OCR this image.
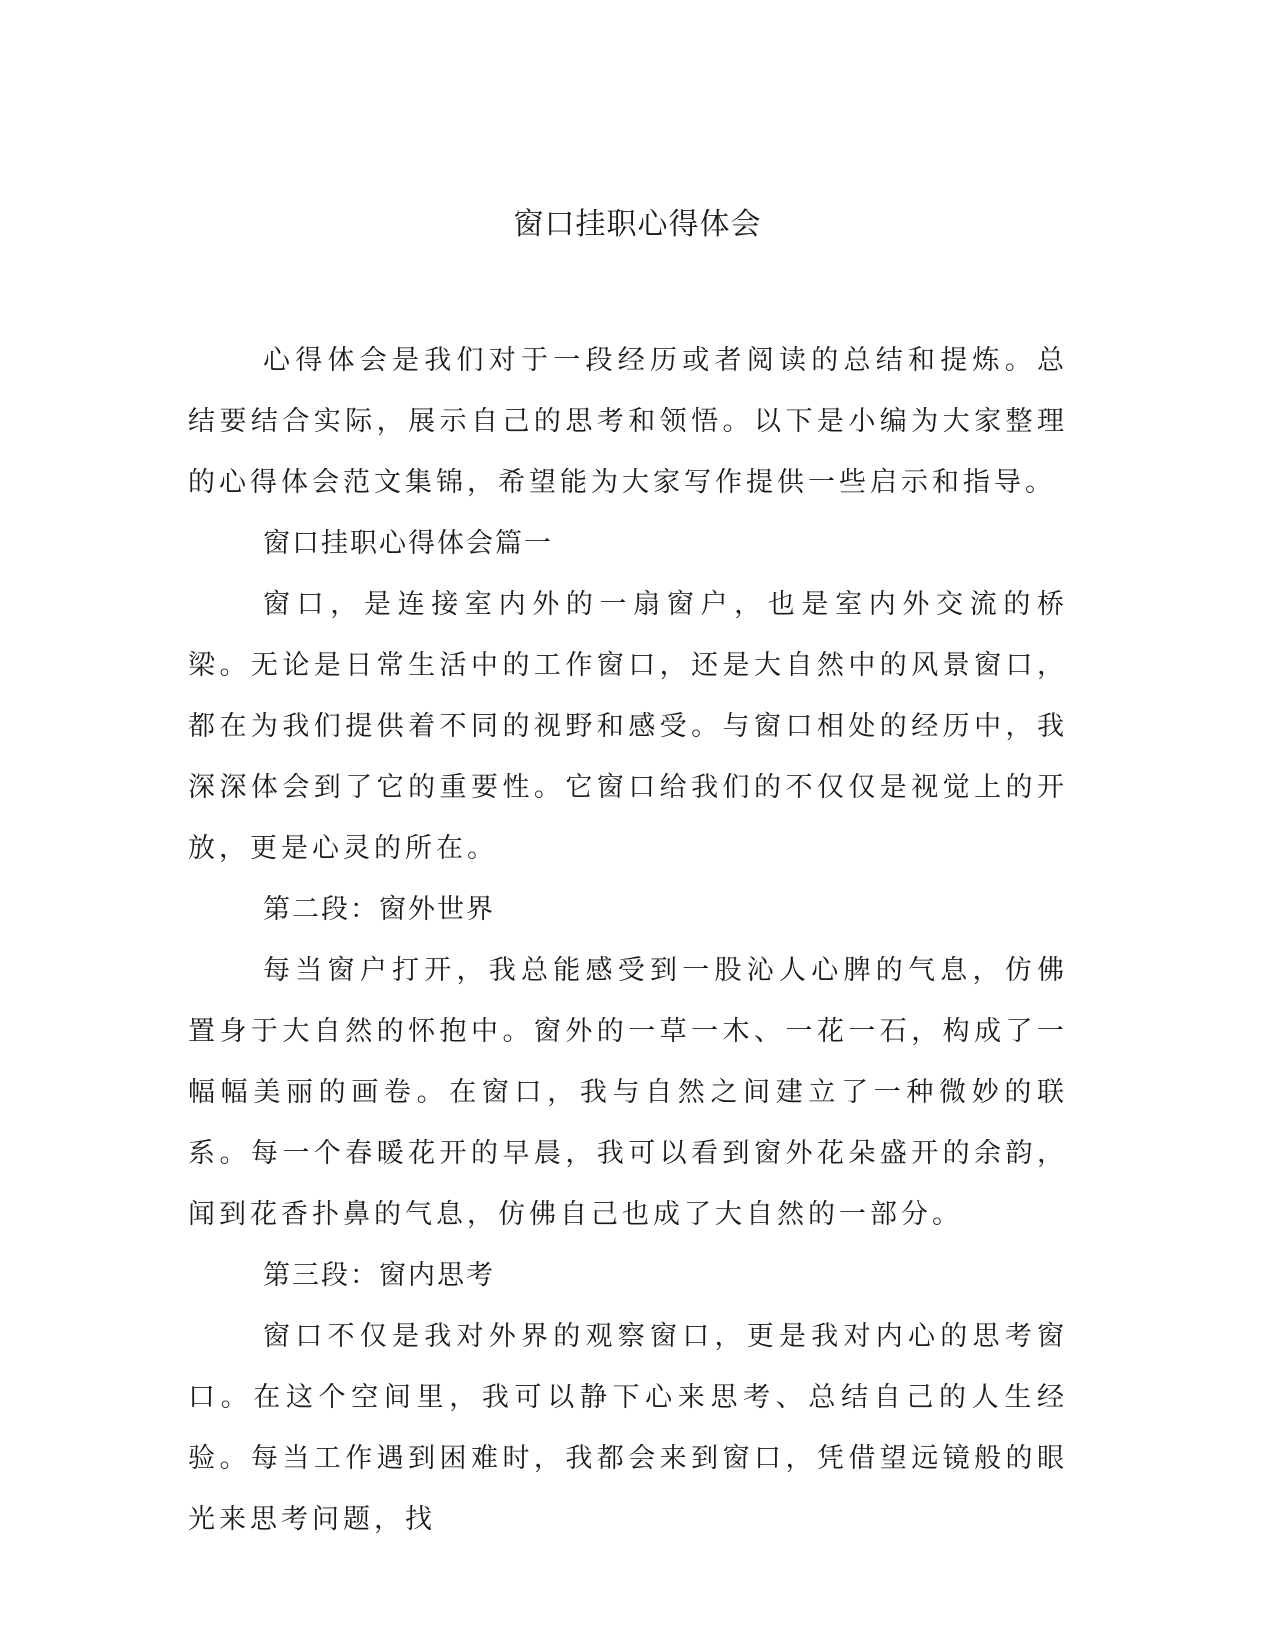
窗口挂职心得体会

心得体会是我们对于一段经历或者阅读的总结和提炼。总结要结合实际，展示自己的思考和领悟。以下是小编为大家整理的心得体会范文集锦，希望能为大家写作提供一些启示和指导。

窗口挂职心得体会篇一

窗口，是连接室内外的一扇窗户，也是室内外交流的桥梁。无论是日常生活中的工作窗口，还是大自然中的风景窗口，都在为我们提供着不同的视野和感受。与窗口相处的经历中，我深深体会到了它的重要性。它窗口给我们的不仅仅是视觉上的开放，更是心灵的所在。

第二段：窗外世界

每当窗户打开，我总能感受到一股沁人心脾的气息，仿佛置身于大自然的怀抱中。窗外的一草一木、一花一石，构成了一幅幅美丽的画卷。在窗口，我与自然之间建立了一种微妙的联系。每一个春暖花开的早晨，我可以看到窗外花朵盛开的余韵，闻到花香扑鼻的气息，仿佛自己也成了大自然的一部分。

第三段：窗内思考

窗口不仅是我对外界的观察窗口，更是我对内心的思考窗口。在这个空间里，我可以静下心来思考、总结自己的人生经验。每当工作遇到困难时，我都会来到窗口，凭借望远镜般的眼光来思考问题，找
